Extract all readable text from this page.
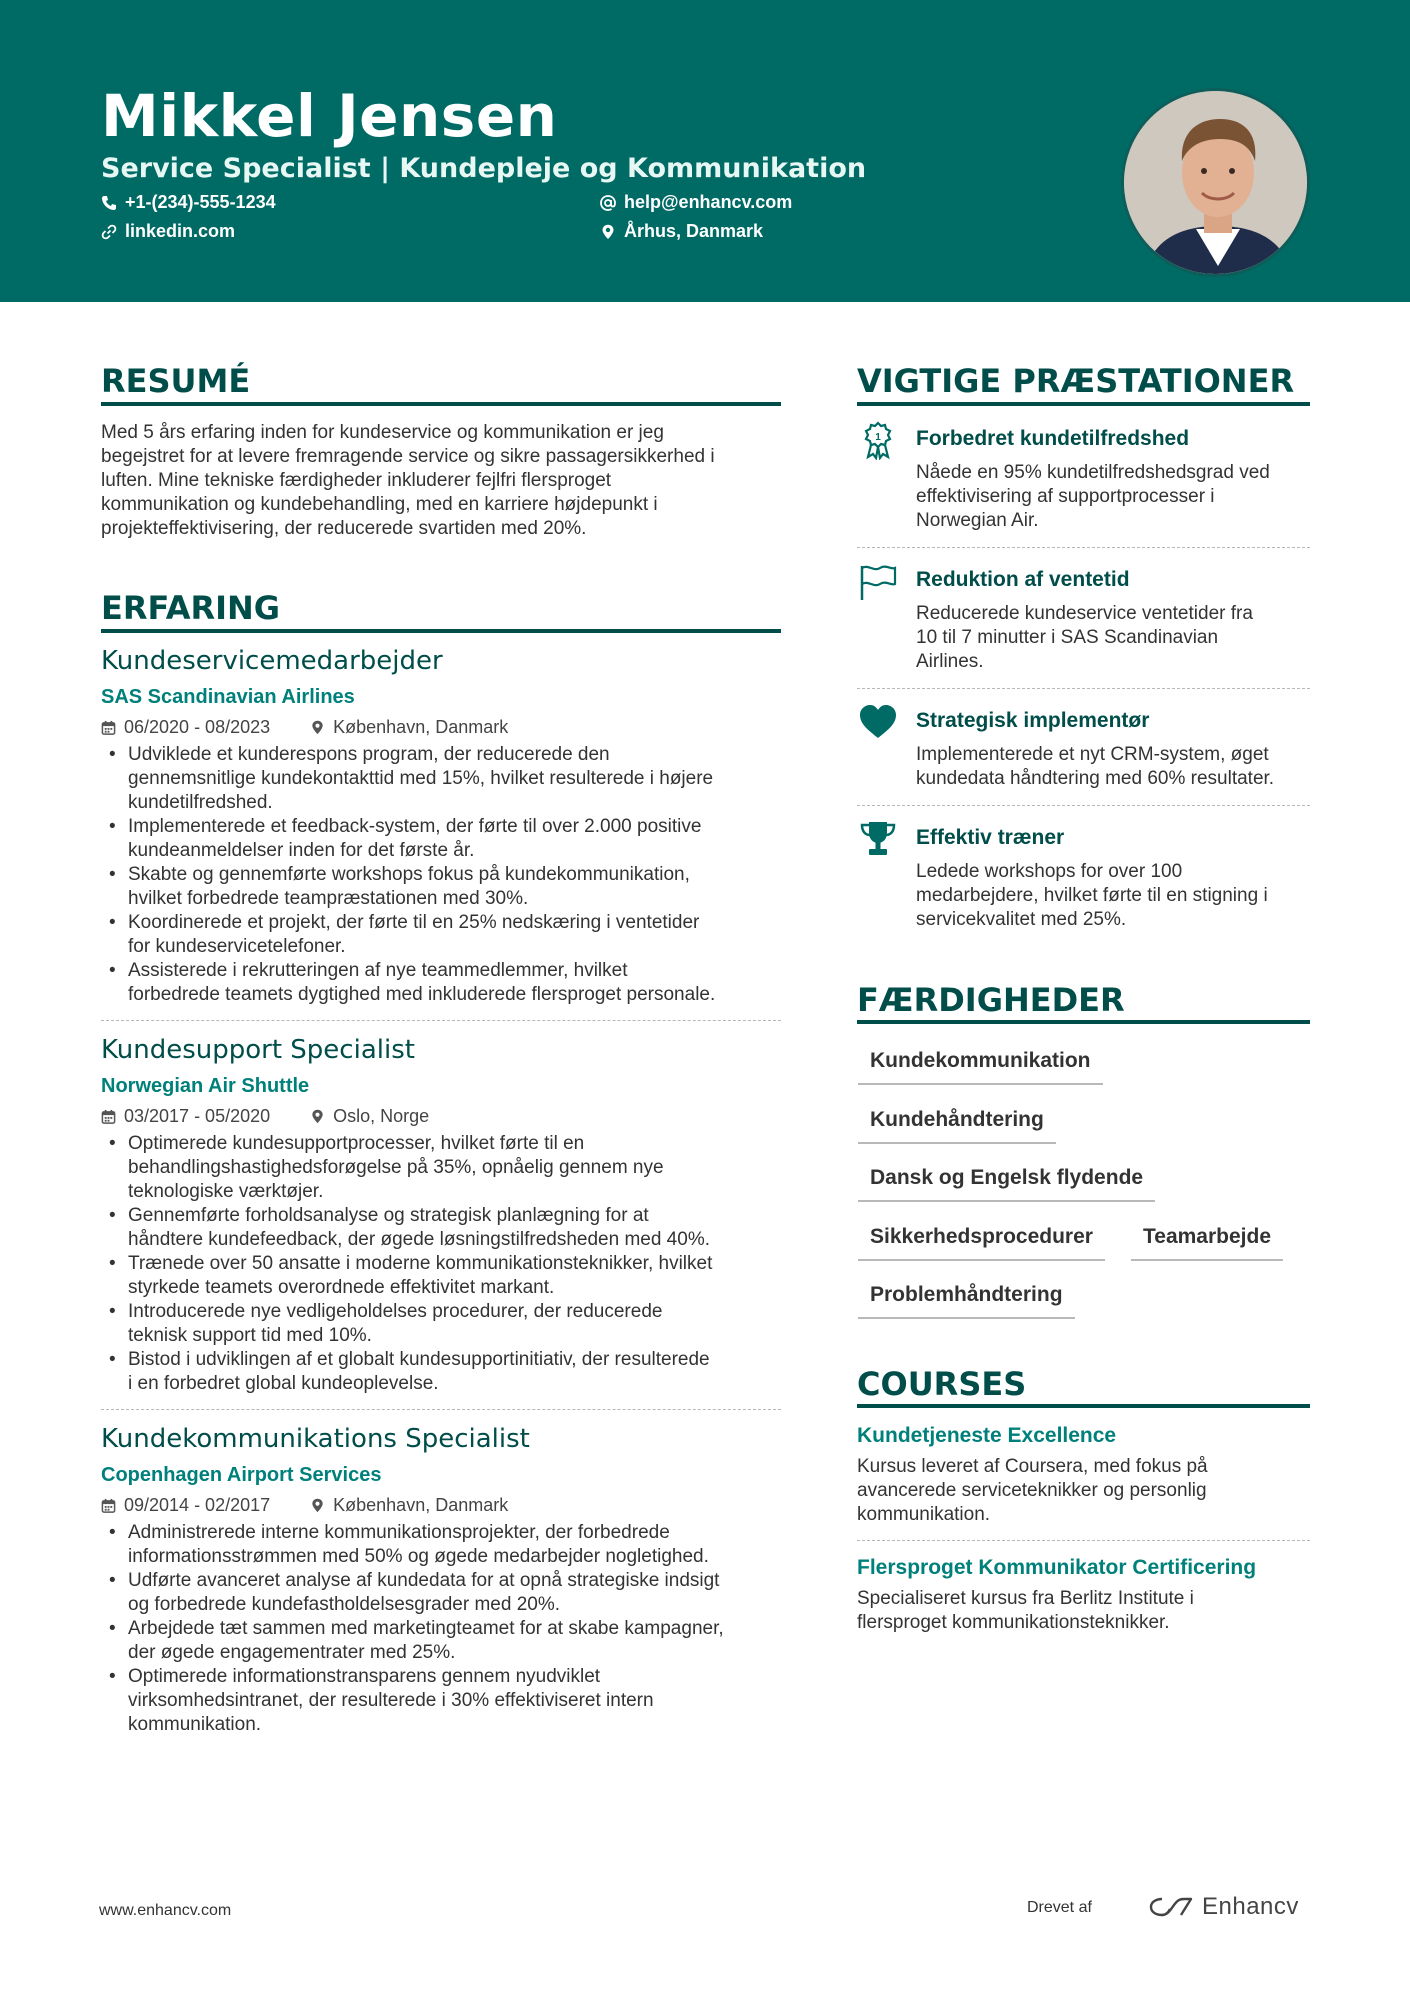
Mikkel Jensen
Service Specialist | Kundepleje og Kommunikation
+1-(234)-555-1234	help@enhancv.com
linkedin.com	Århus, Danmark
RESUMÉ
Med 5 års erfaring inden for kundeservice og kommunikation er jeg
begejstret for at levere fremragende service og sikre passagersikkerhed i
luften. Mine tekniske færdigheder inkluderer fejlfri flersproget
kommunikation og kundebehandling, med en karriere højdepunkt i
projekteffektivisering, der reducerede svartiden med 20%.
ERFARING
Kundeservicemedarbejder
SAS Scandinavian Airlines
06/2020 - 08/2023	København, Danmark
• Udviklede et kunderespons program, der reducerede den
gennemsnitlige kundekontakttid med 15%, hvilket resulterede i højere
kundetilfredshed.
• Implementerede et feedback-system, der førte til over 2.000 positive
kundeanmeldelser inden for det første år.
• Skabte og gennemførte workshops fokus på kundekommunikation,
hvilket forbedrede teampræstationen med 30%.
• Koordinerede et projekt, der førte til en 25% nedskæring i ventetider
for kundeservicetelefoner.
• Assisterede i rekrutteringen af nye teammedlemmer, hvilket
forbedrede teamets dygtighed med inkluderede flersproget personale.
Kundesupport Specialist
Norwegian Air Shuttle
03/2017 - 05/2020	Oslo, Norge
• Optimerede kundesupportprocesser, hvilket førte til en
behandlingshastighedsforøgelse på 35%, opnåelig gennem nye
teknologiske værktøjer.
• Gennemførte forholdsanalyse og strategisk planlægning for at
håndtere kundefeedback, der øgede løsningstilfredsheden med 40%.
• Trænede over 50 ansatte i moderne kommunikationsteknikker, hvilket
styrkede teamets overordnede effektivitet markant.
• Introducerede nye vedligeholdelses procedurer, der reducerede
teknisk support tid med 10%.
• Bistod i udviklingen af et globalt kundesupportinitiativ, der resulterede
i en forbedret global kundeoplevelse.
Kundekommunikations Specialist
Copenhagen Airport Services
09/2014 - 02/2017	København, Danmark
• Administrerede interne kommunikationsprojekter, der forbedrede
informationsstrømmen med 50% og øgede medarbejder nogletighed.
• Udførte avanceret analyse af kundedata for at opnå strategiske indsigt
og forbedrede kundefastholdelsesgrader med 20%.
• Arbejdede tæt sammen med marketingteamet for at skabe kampagner,
der øgede engagementrater med 25%.
• Optimerede informationstransparens gennem nyudviklet
virksomhedsintranet, der resulterede i 30% effektiviseret intern
kommunikation.
VIGTIGE PRÆSTATIONER
1 Forbedret kundetilfredshed
Nåede en 95% kundetilfredshedsgrad ved
effektivisering af supportprocesser i
Norwegian Air.
Reduktion af ventetid
Reducerede kundeservice ventetider fra
10 til 7 minutter i SAS Scandinavian
Airlines.
Strategisk implementør
Implementerede et nyt CRM-system, øget
kundedata håndtering med 60% resultater.
Effektiv træner
Ledede workshops for over 100
medarbejdere, hvilket førte til en stigning i
servicekvalitet med 25%.
FÆRDIGHEDER
Kundekommunikation
Kundehåndtering
Dansk og Engelsk flydende
Sikkerhedsprocedurer	Teamarbejde
Problemhåndtering
COURSES
Kundetjeneste Excellence
Kursus leveret af Coursera, med fokus på
avancerede serviceteknikker og personlig
kommunikation.
Flersproget Kommunikator Certificering
Specialiseret kursus fra Berlitz Institute i
flersproget kommunikationsteknikker.
www.enhancv.com	Drevet af	Enhancv
